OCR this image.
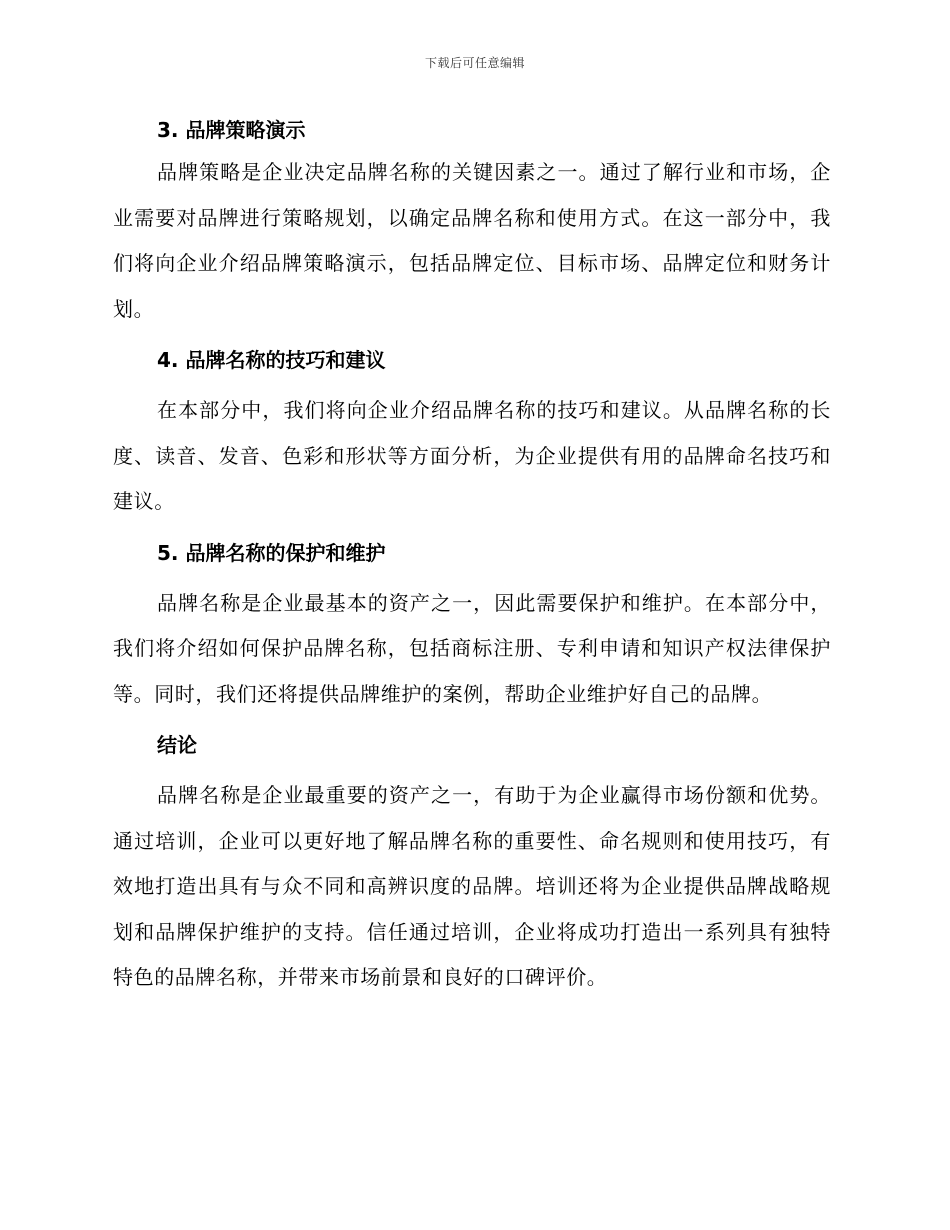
下载后可任意编辑
3. 品牌策略演示

品牌策略是企业决定品牌名称的关键因素之一。通过了解行业和市场，企业需要对品牌进行策略规划，以确定品牌名称和使用方式。在这一部分中，我们将向企业介绍品牌策略演示，包括品牌定位、目标市场、品牌定位和财务计划。

4. 品牌名称的技巧和建议

在本部分中，我们将向企业介绍品牌名称的技巧和建议。从品牌名称的长度、读音、发音、色彩和形状等方面分析，为企业提供有用的品牌命名技巧和建议。

5. 品牌名称的保护和维护

品牌名称是企业最基本的资产之一，因此需要保护和维护。在本部分中，我们将介绍如何保护品牌名称，包括商标注册、专利申请和知识产权法律保护等。同时，我们还将提供品牌维护的案例，帮助企业维护好自己的品牌。

结论

品牌名称是企业最重要的资产之一，有助于为企业赢得市场份额和优势。通过培训，企业可以更好地了解品牌名称的重要性、命名规则和使用技巧，有效地打造出具有与众不同和高辨识度的品牌。培训还将为企业提供品牌战略规划和品牌保护维护的支持。信任通过培训，企业将成功打造出一系列具有独特特色的品牌名称，并带来市场前景和良好的口碑评价。
